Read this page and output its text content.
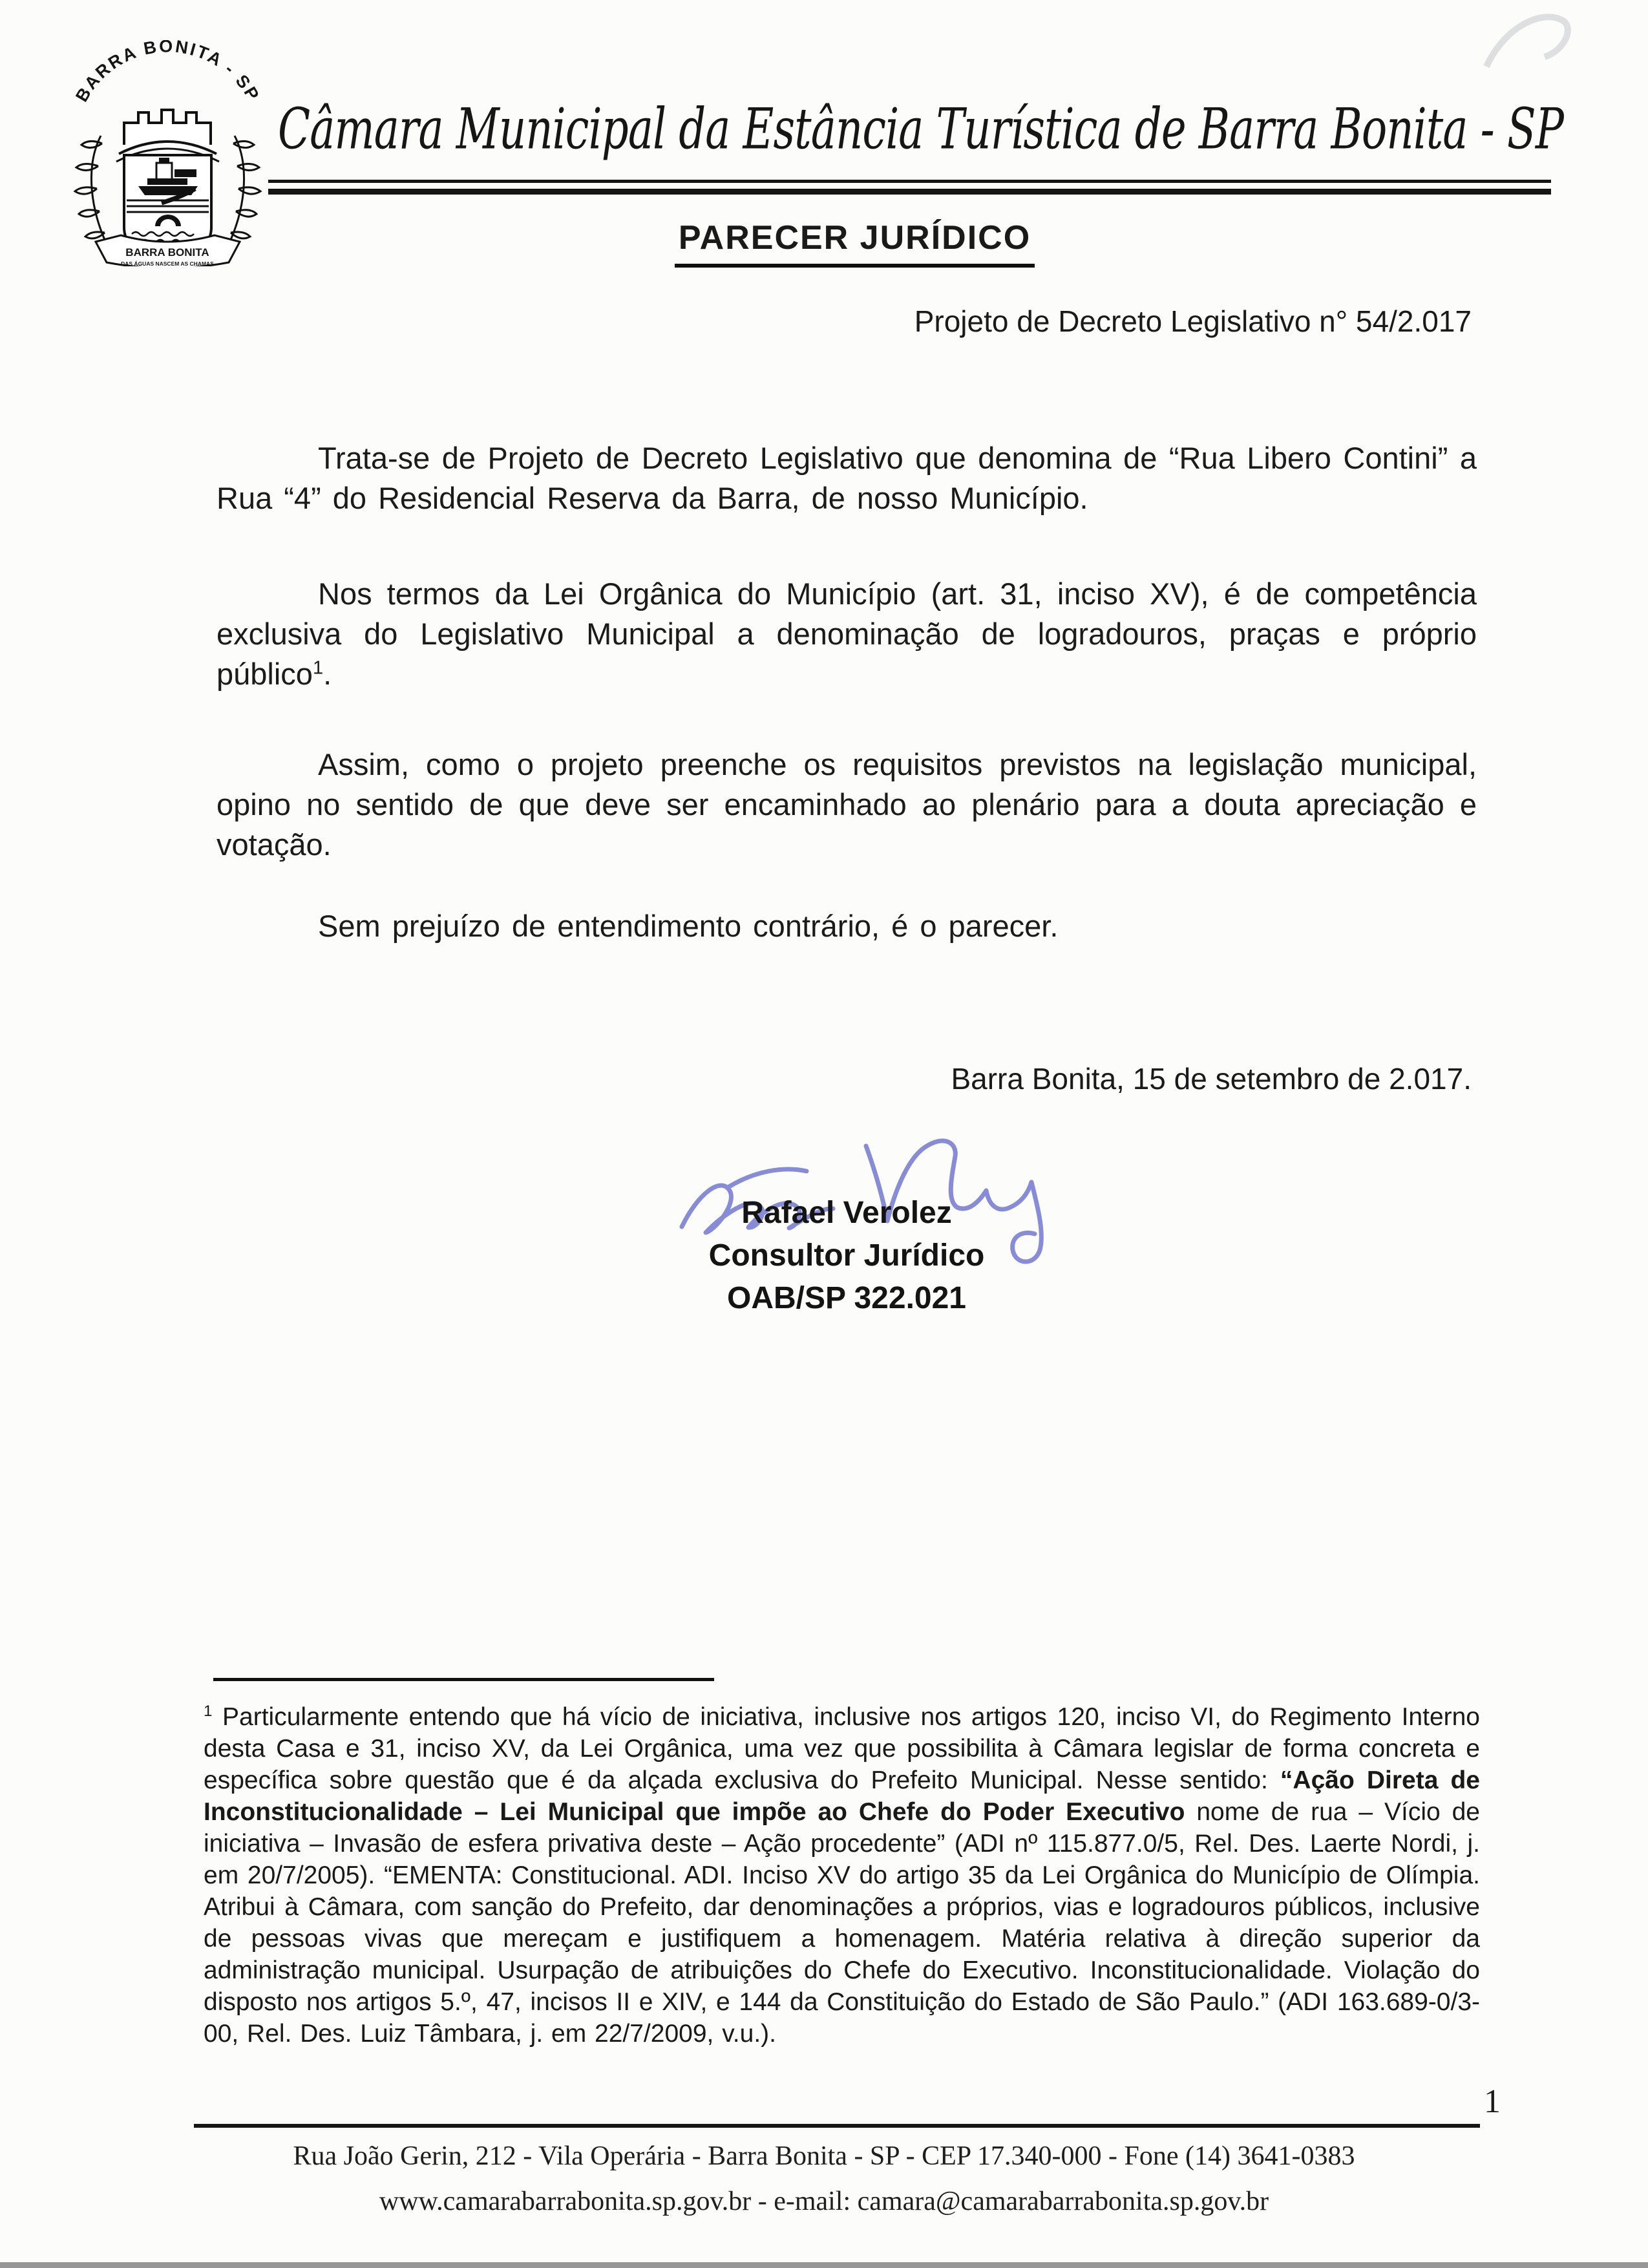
BARRA BONITA - SP
BARRA BONITA
DAS ÁGUAS NASCEM AS CHAMAS
Câmara Municipal da Estância Turística de Barra Bonita - SP
PARECER JURÍDICO
Projeto de Decreto Legislativo n° 54/2.017

Trata-se de Projeto de Decreto Legislativo que denomina de “Rua Libero Contini” a Rua “4” do Residencial Reserva da Barra, de nosso Município.

Nos termos da Lei Orgânica do Município (art. 31, inciso XV), é de competência exclusiva do Legislativo Municipal a denominação de logradouros, praças e próprio público$^1$.

Assim, como o projeto preenche os requisitos previstos na legislação municipal, opino no sentido de que deve ser encaminhado ao plenário para a douta apreciação e votação.

Sem prejuízo de entendimento contrário, é o parecer.

Barra Bonita, 15 de setembro de 2.017.
Rafael Verolez
Consultor Jurídico
OAB/SP 322.021
$^1$ Particularmente entendo que há vício de iniciativa, inclusive nos artigos 120, inciso VI, do Regimento Interno desta Casa e 31, inciso XV, da Lei Orgânica, uma vez que possibilita à Câmara legislar de forma concreta e específica sobre questão que é da alçada exclusiva do Prefeito Municipal. Nesse sentido: “Ação Direta de Inconstitucionalidade – Lei Municipal que impõe ao Chefe do Poder Executivo nome de rua – Vício de iniciativa – Invasão de esfera privativa deste – Ação procedente” (ADI nº 115.877.0/5, Rel. Des. Laerte Nordi, j. em 20/7/2005). “EMENTA: Constitucional. ADI. Inciso XV do artigo 35 da Lei Orgânica do Município de Olímpia. Atribui à Câmara, com sanção do Prefeito, dar denominações a próprios, vias e logradouros públicos, inclusive de pessoas vivas que mereçam e justifiquem a homenagem. Matéria relativa à direção superior da administração municipal. Usurpação de atribuições do Chefe do Executivo. Inconstitucionalidade. Violação do disposto nos artigos 5.º, 47, incisos II e XIV, e 144 da Constituição do Estado de São Paulo.” (ADI 163.689-0/3-00, Rel. Des. Luiz Tâmbara, j. em 22/7/2009, v.u.).
1
Rua João Gerin, 212 - Vila Operária - Barra Bonita - SP - CEP 17.340-000 - Fone (14) 3641-0383
www.camarabarrabonita.sp.gov.br - e-mail: camara@camarabarrabonita.sp.gov.br
